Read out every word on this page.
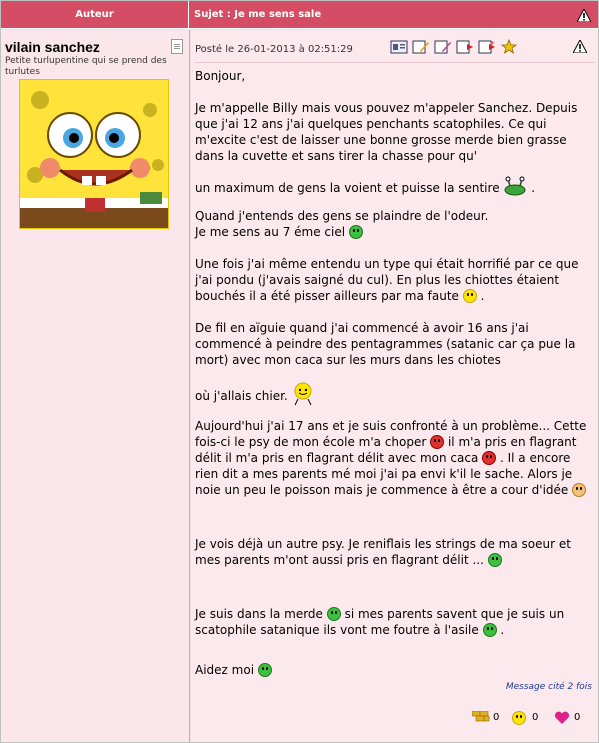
Auteur	Sujet : Je me sens sale
vilain sanchez
Petite turlupentine qui se prend des turlutes
Posté le 26-01-2013 à 02:51:29
+
Bonjour,
Je m'appelle Billy mais vous pouvez m'appeler Sanchez. Depuis que j'ai 12 ans j'ai quelques penchants scatophiles. Ce qui m'excite c'est de laisser une bonne grosse merde bien grasse dans la cuvette et sans tirer la chasse pour qu'
un maximum de gens la voient et puisse la sentire	.
Quand j'entends des gens se plaindre de l'odeur.
Je me sens au 7 éme ciel
Une fois j'ai même entendu un type qui était horrifié par ce que j'ai pondu (j'avais saigné du cul). En plus les chiottes étaient bouchés il a été pisser ailleurs par ma faute .
De fil en aïguie quand j'ai commencé à avoir 16 ans j'ai commencé à peindre des pentagrammes (satanic car ça pue la mort) avec mon caca sur les murs dans les chiotes
où j'allais chier.
Aujourd'hui j'ai 17 ans et je suis confronté à un problème... Cette fois-ci le psy de mon école m'a choper il m'a pris en flagrant délit il m'a pris en flagrant délit avec mon caca . Il a encore rien dit a mes parents mé moi j'ai pa envi k'il le sache. Alors je noie un peu le poisson mais je commence à être a cour d'idée
Je vois déjà un autre psy. Je reniflais les strings de ma soeur et mes parents m'ont aussi pris en flagrant délit ...
Je suis dans la merde si mes parents savent que je suis un scatophile satanique ils vont me foutre à l'asile .
Aidez moi
Message cité 2 fois
0	0	0
